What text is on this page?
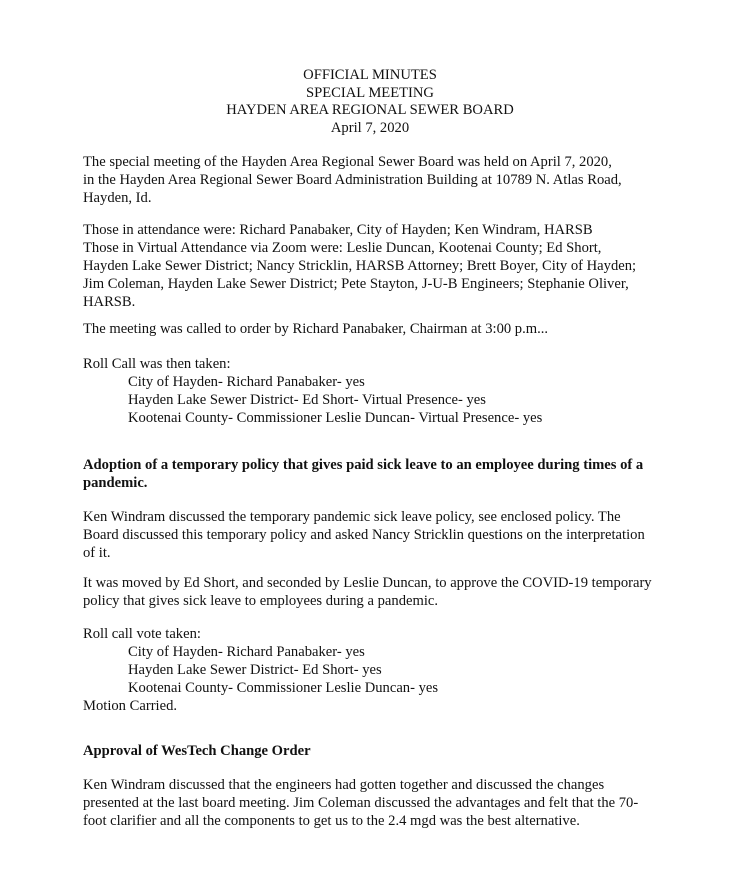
OFFICIAL MINUTES
SPECIAL MEETING
HAYDEN AREA REGIONAL SEWER BOARD
April 7, 2020
The special meeting of the Hayden Area Regional Sewer Board was held on April 7, 2020,
in the Hayden Area Regional Sewer Board Administration Building at 10789 N. Atlas Road,
Hayden, Id.
Those in attendance were: Richard Panabaker, City of Hayden; Ken Windram, HARSB
Those in Virtual Attendance via Zoom were: Leslie Duncan, Kootenai County; Ed Short,
Hayden Lake Sewer District; Nancy Stricklin, HARSB Attorney; Brett Boyer, City of Hayden;
Jim Coleman, Hayden Lake Sewer District; Pete Stayton, J-U-B Engineers; Stephanie Oliver,
HARSB.
The meeting was called to order by Richard Panabaker, Chairman at 3:00 p.m...
Roll Call was then taken:
City of Hayden- Richard Panabaker- yes
Hayden Lake Sewer District- Ed Short- Virtual Presence- yes
Kootenai County- Commissioner Leslie Duncan- Virtual Presence- yes
Adoption of a temporary policy that gives paid sick leave to an employee during times of a
pandemic.
Ken Windram discussed the temporary pandemic sick leave policy, see enclosed policy. The
Board discussed this temporary policy and asked Nancy Stricklin questions on the interpretation
of it.
It was moved by Ed Short, and seconded by Leslie Duncan, to approve the COVID-19 temporary
policy that gives sick leave to employees during a pandemic.
Roll call vote taken:
City of Hayden- Richard Panabaker- yes
Hayden Lake Sewer District- Ed Short- yes
Kootenai County- Commissioner Leslie Duncan- yes
Motion Carried.
Approval of WesTech Change Order
Ken Windram discussed that the engineers had gotten together and discussed the changes
presented at the last board meeting. Jim Coleman discussed the advantages and felt that the 70-
foot clarifier and all the components to get us to the 2.4 mgd was the best alternative.
